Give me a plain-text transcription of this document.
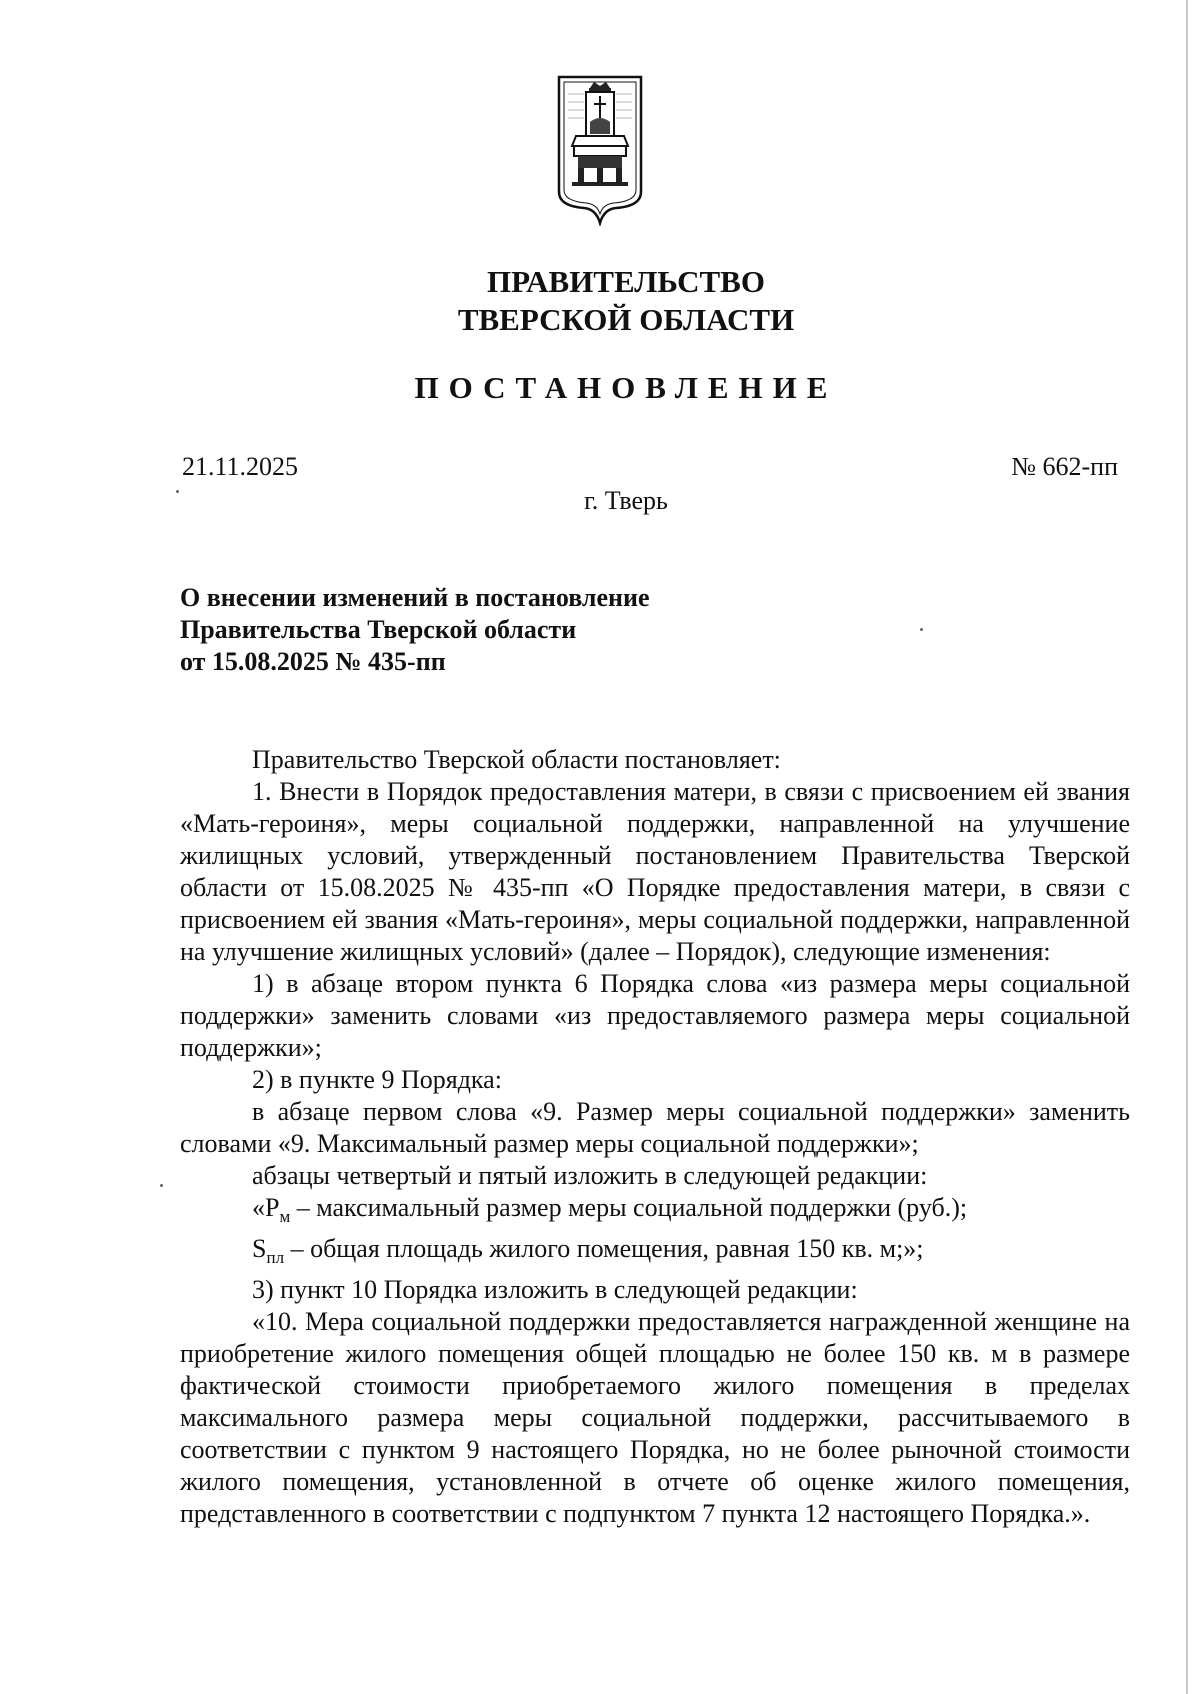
ПРАВИТЕЛЬСТВО
ТВЕРСКОЙ ОБЛАСТИ
ПОСТАНОВЛЕНИЕ
21.11.2025	№ 662-пп
г. Тверь
О внесении изменений в постановление
Правительства Тверской области
от 15.08.2025 № 435-пп

Правительство Тверской области постановляет:

1. Внести в Порядок предоставления матери, в связи с присвоением ей звания «Мать-героиня», меры социальной поддержки, направленной на улучшение жилищных условий, утвержденный постановлением Правительства Тверской области от 15.08.2025 № 435-пп «О Порядке предоставления матери, в связи с присвоением ей звания «Мать-героиня», меры социальной поддержки, направленной на улучшение жилищных условий» (далее – Порядок), следующие изменения:

1) в абзаце втором пункта 6 Порядка слова «из размера меры социальной поддержки» заменить словами «из предоставляемого размера меры социальной поддержки»;

2) в пункте 9 Порядка:

в абзаце первом слова «9. Размер меры социальной поддержки» заменить словами «9. Максимальный размер меры социальной поддержки»;

абзацы четвертый и пятый изложить в следующей редакции:

«$Р_м$ – максимальный размер меры социальной поддержки (руб.);

$S_{пл}$ – общая площадь жилого помещения, равная 150 кв. м;»;

3) пункт 10 Порядка изложить в следующей редакции:

«10. Мера социальной поддержки предоставляется награжденной женщине на приобретение жилого помещения общей площадью не более 150 кв. м в размере фактической стоимости приобретаемого жилого помещения в пределах максимального размера меры социальной поддержки, рассчитываемого в соответствии с пунктом 9 настоящего Порядка, но не более рыночной стоимости жилого помещения, установленной в отчете об оценке жилого помещения, представленного в соответствии с подпунктом 7 пункта 12 настоящего Порядка.».
